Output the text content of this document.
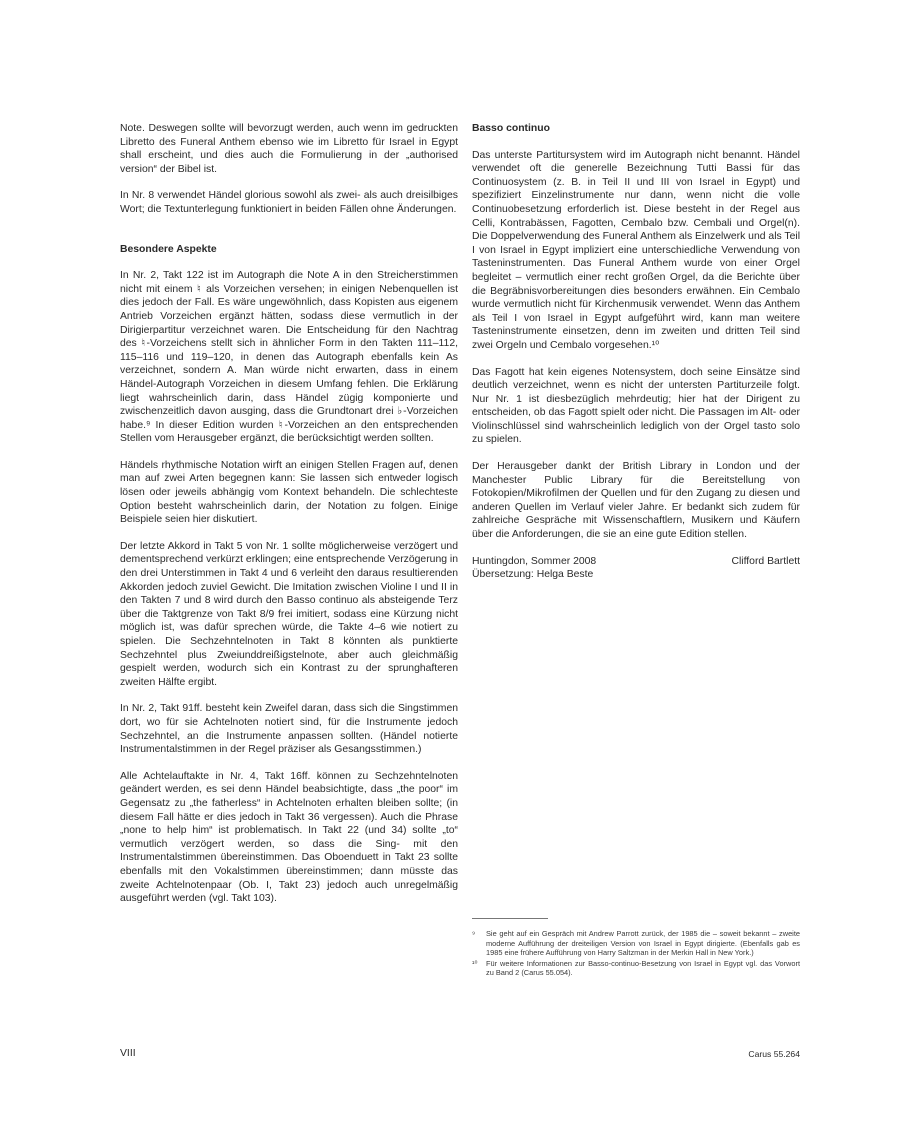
Note. Deswegen sollte will bevorzugt werden, auch wenn im gedruckten Libretto des Funeral Anthem ebenso wie im Libretto für Israel in Egypt shall erscheint, und dies auch die Formulierung in der „authorised version“ der Bibel ist.

In Nr. 8 verwendet Händel glorious sowohl als zwei- als auch dreisilbiges Wort; die Textunterlegung funktioniert in beiden Fällen ohne Änderungen.

Besondere Aspekte

In Nr. 2, Takt 122 ist im Autograph die Note A in den Streicherstimmen nicht mit einem ♮ als Vorzeichen versehen; in einigen Nebenquellen ist dies jedoch der Fall. Es wäre ungewöhnlich, dass Kopisten aus eigenem Antrieb Vorzeichen ergänzt hätten, sodass diese vermutlich in der Dirigierpartitur verzeichnet waren. Die Entscheidung für den Nachtrag des ♮-Vorzeichens stellt sich in ähnlicher Form in den Takten 111–112, 115–116 und 119–120, in denen das Autograph ebenfalls kein As verzeichnet, sondern A. Man würde nicht erwarten, dass in einem Händel-Autograph Vorzeichen in diesem Umfang fehlen. Die Erklärung liegt wahrscheinlich darin, dass Händel zügig komponierte und zwischenzeitlich davon ausging, dass die Grundtonart drei ♭-Vorzeichen habe.⁹ In dieser Edition wurden ♮-Vorzeichen an den entsprechenden Stellen vom Herausgeber ergänzt, die berücksichtigt werden sollten.

Händels rhythmische Notation wirft an einigen Stellen Fragen auf, denen man auf zwei Arten begegnen kann: Sie lassen sich entweder logisch lösen oder jeweils abhängig vom Kontext behandeln. Die schlechteste Option besteht wahrscheinlich darin, der Notation zu folgen. Einige Beispiele seien hier diskutiert.

Der letzte Akkord in Takt 5 von Nr. 1 sollte möglicherweise verzögert und dementsprechend verkürzt erklingen; eine entsprechende Verzögerung in den drei Unterstimmen in Takt 4 und 6 verleiht den daraus resultierenden Akkorden jedoch zuviel Gewicht. Die Imitation zwischen Violine I und II in den Takten 7 und 8 wird durch den Basso continuo als absteigende Terz über die Taktgrenze von Takt 8/9 frei imitiert, sodass eine Kürzung nicht möglich ist, was dafür sprechen würde, die Takte 4–6 wie notiert zu spielen. Die Sechzehntelnoten in Takt 8 könnten als punktierte Sechzehntel plus Zweiunddreißigstelnote, aber auch gleichmäßig gespielt werden, wodurch sich ein Kontrast zu der sprunghafteren zweiten Hälfte ergibt.

In Nr. 2, Takt 91ff. besteht kein Zweifel daran, dass sich die Singstimmen dort, wo für sie Achtelnoten notiert sind, für die Instrumente jedoch Sechzehntel, an die Instrumente anpassen sollten. (Händel notierte Instrumentalstimmen in der Regel präziser als Gesangsstimmen.)

Alle Achtelauftakte in Nr. 4, Takt 16ff. können zu Sechzehntelnoten geändert werden, es sei denn Händel beabsichtigte, dass „the poor“ im Gegensatz zu „the fatherless“ in Achtelnoten erhalten bleiben sollte; (in diesem Fall hätte er dies jedoch in Takt 36 vergessen). Auch die Phrase „none to help him“ ist problematisch. In Takt 22 (und 34) sollte „to“ vermutlich verzögert werden, so dass die Sing- mit den Instrumentalstimmen übereinstimmen. Das Oboenduett in Takt 23 sollte ebenfalls mit den Vokalstimmen übereinstimmen; dann müsste das zweite Achtelnotenpaar (Ob. I, Takt 23) jedoch auch unregelmäßig ausgeführt werden (vgl. Takt 103).

Basso continuo

Das unterste Partitursystem wird im Autograph nicht benannt. Händel verwendet oft die generelle Bezeichnung Tutti Bassi für das Continuosystem (z. B. in Teil II und III von Israel in Egypt) und spezifiziert Einzelinstrumente nur dann, wenn nicht die volle Continuobesetzung erforderlich ist. Diese besteht in der Regel aus Celli, Kontrabässen, Fagotten, Cembalo bzw. Cembali und Orgel(n). Die Doppelverwendung des Funeral Anthem als Einzelwerk und als Teil I von Israel in Egypt impliziert eine unterschiedliche Verwendung von Tasteninstrumenten. Das Funeral Anthem wurde von einer Orgel begleitet – vermutlich einer recht großen Orgel, da die Berichte über die Begräbnisvorbereitungen dies besonders erwähnen. Ein Cembalo wurde vermutlich nicht für Kirchenmusik verwendet. Wenn das Anthem als Teil I von Israel in Egypt aufgeführt wird, kann man weitere Tasteninstrumente einsetzen, denn im zweiten und dritten Teil sind zwei Orgeln und Cembalo vorgesehen.¹⁰

Das Fagott hat kein eigenes Notensystem, doch seine Einsätze sind deutlich verzeichnet, wenn es nicht der untersten Partiturzeile folgt. Nur Nr. 1 ist diesbezüglich mehrdeutig; hier hat der Dirigent zu entscheiden, ob das Fagott spielt oder nicht. Die Passagen im Alt- oder Violinschlüssel sind wahrscheinlich lediglich von der Orgel tasto solo zu spielen.

Der Herausgeber dankt der British Library in London und der Manchester Public Library für die Bereitstellung von Fotokopien/Mikrofilmen der Quellen und für den Zugang zu diesen und anderen Quellen im Verlauf vieler Jahre. Er bedankt sich zudem für zahlreiche Gespräche mit Wissenschaftlern, Musikern und Käufern über die Anforderungen, die sie an eine gute Edition stellen.

Huntingdon, Sommer 2008	Clifford Bartlett
Übersetzung: Helga Beste
⁹	Sie geht auf ein Gespräch mit Andrew Parrott zurück, der 1985 die – soweit bekannt – zweite moderne Aufführung der dreiteiligen Version von Israel in Egypt dirigierte. (Ebenfalls gab es 1985 eine frühere Aufführung von Harry Saltzman in der Merkin Hall in New York.)
¹⁰	Für weitere Informationen zur Basso-continuo-Besetzung von Israel in Egypt vgl. das Vorwort zu Band 2 (Carus 55.054).
VIII	Carus 55.264
